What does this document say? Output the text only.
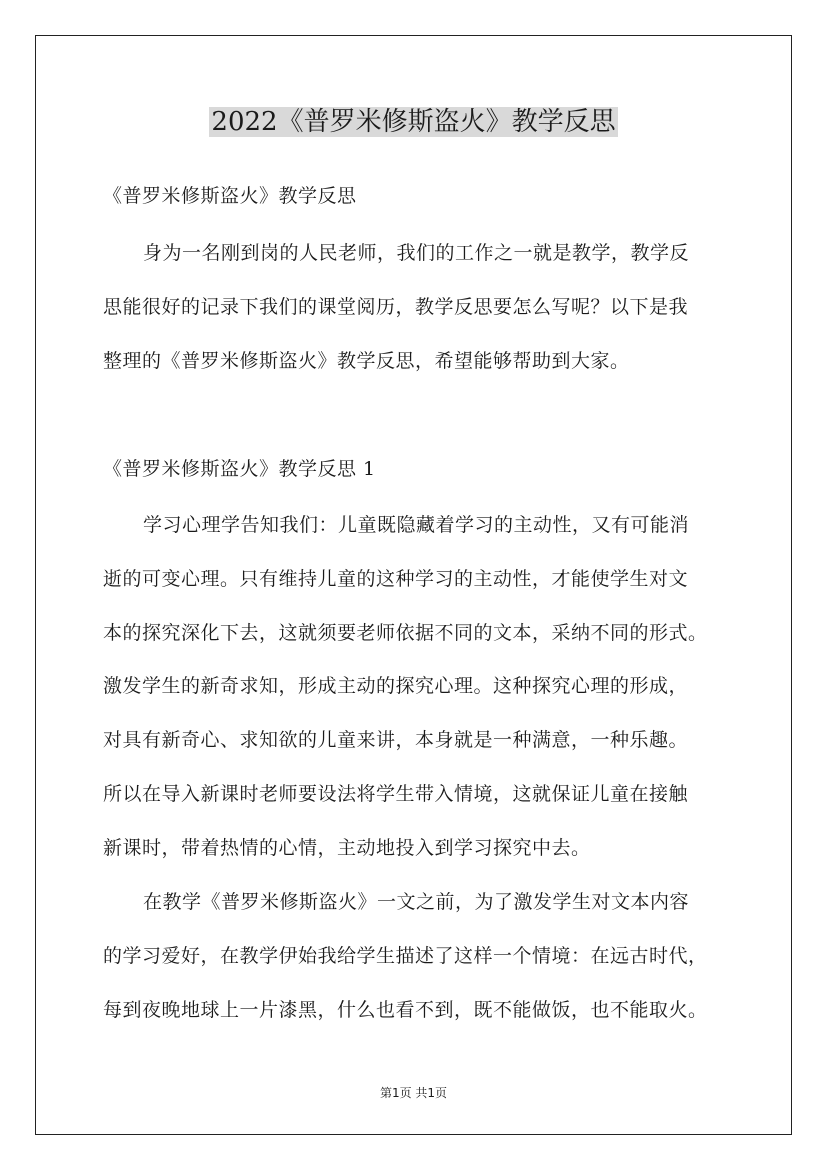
2022《普罗米修斯盗火》教学反思
《普罗米修斯盗火》教学反思
身为一名刚到岗的人民老师，我们的工作之一就是教学，教学反
思能很好的记录下我们的课堂阅历，教学反思要怎么写呢？以下是我
整理的《普罗米修斯盗火》教学反思，希望能够帮助到大家。
《普罗米修斯盗火》教学反思 1
学习心理学告知我们：儿童既隐藏着学习的主动性，又有可能消
逝的可变心理。只有维持儿童的这种学习的主动性，才能使学生对文
本的探究深化下去，这就须要老师依据不同的文本，采纳不同的形式。
激发学生的新奇求知，形成主动的探究心理。这种探究心理的形成，
对具有新奇心、求知欲的儿童来讲，本身就是一种满意，一种乐趣。
所以在导入新课时老师要设法将学生带入情境，这就保证儿童在接触
新课时，带着热情的心情，主动地投入到学习探究中去。
在教学《普罗米修斯盗火》一文之前，为了激发学生对文本内容
的学习爱好，在教学伊始我给学生描述了这样一个情境：在远古时代，
每到夜晚地球上一片漆黑，什么也看不到，既不能做饭，也不能取火。
第1页 共1页
